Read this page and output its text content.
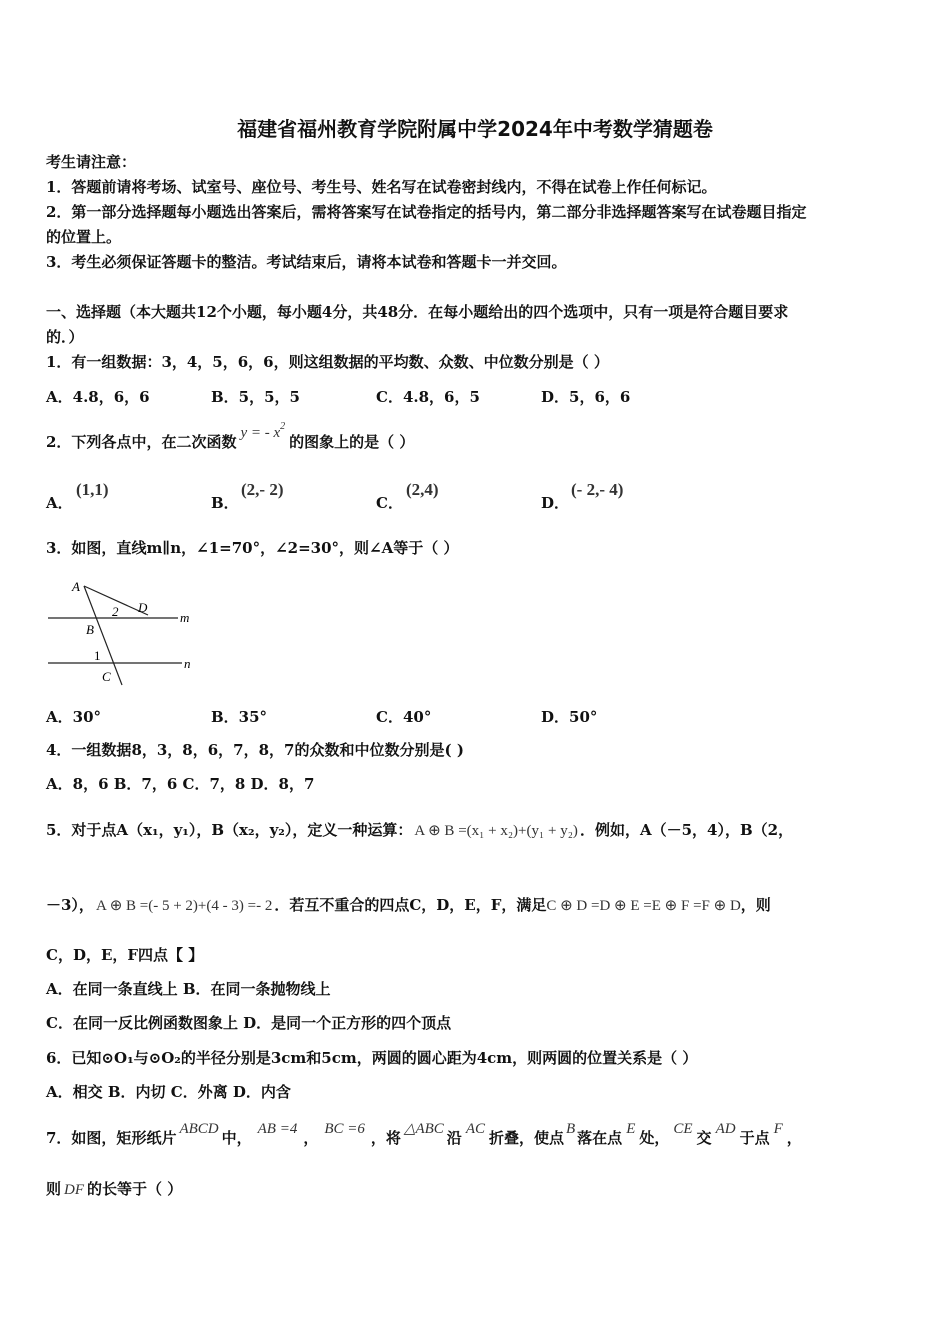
福建省福州教育学院附属中学2024年中考数学猜题卷
考生请注意：
1．答题前请将考场、试室号、座位号、考生号、姓名写在试卷密封线内，不得在试卷上作任何标记。
2．第一部分选择题每小题选出答案后，需将答案写在试卷指定的括号内，第二部分非选择题答案写在试卷题目指定
的位置上。
3．考生必须保证答题卡的整洁。考试结束后，请将本试卷和答题卡一并交回。
一、选择题（本大题共12个小题，每小题4分，共48分．在每小题给出的四个选项中，只有一项是符合题目要求
的．）
1．有一组数据：3，4，5，6，6，则这组数据的平均数、众数、中位数分别是（ ）
A．4.8，6，6	B．5，5，5	C．4.8，6，5	D．5，6，6
2．下列各点中，在二次函数 y = - $x^2$的图象上的是（ ）
A．
(1,1)
B．
(2,- 2)
C．
(2,4)
D．
(- 2,- 4)
3．如图，直线m∥n，∠1=70°，∠2=30°，则∠A等于（ ）
A
2 D
m
B
1
n
C
A．30°	B．35°	C．40°	D．50°
4．一组数据8，3，8，6，7，8，7的众数和中位数分别是( )
A．8，6 B．7，6 C．7，8 D．8，7
5．对于点A（x₁，y₁），B（x₂，y₂），定义一种运算： A ⊕ B =(x₁ + x₂)+(y₁ + y₂) ．例如，A（－5，4），B（2，
－3）， A ⊕ B =(- 5 + 2)+(4 - 3) =- 2 ．若互不重合的四点C，D，E，F，满足C ⊕ D =D ⊕ E =E ⊕ F =F ⊕ D，则
C，D，E，F四点【 】
A．在同一条直线上 B．在同一条抛物线上
C．在同一反比例函数图象上 D．是同一个正方形的四个顶点
6．已知⊙O₁与⊙O₂的半径分别是3cm和5cm，两圆的圆心距为4cm，则两圆的位置关系是（ ）
A．相交 B．内切 C．外离 D．内含
7．如图，矩形纸片 ABCD 中， AB =4 ， BC =6 ，将 △ABC 沿 AC 折叠，使点 B 落在点 E 处， CE 交 AD 于点 F ，
则 DF 的长等于（ ）
